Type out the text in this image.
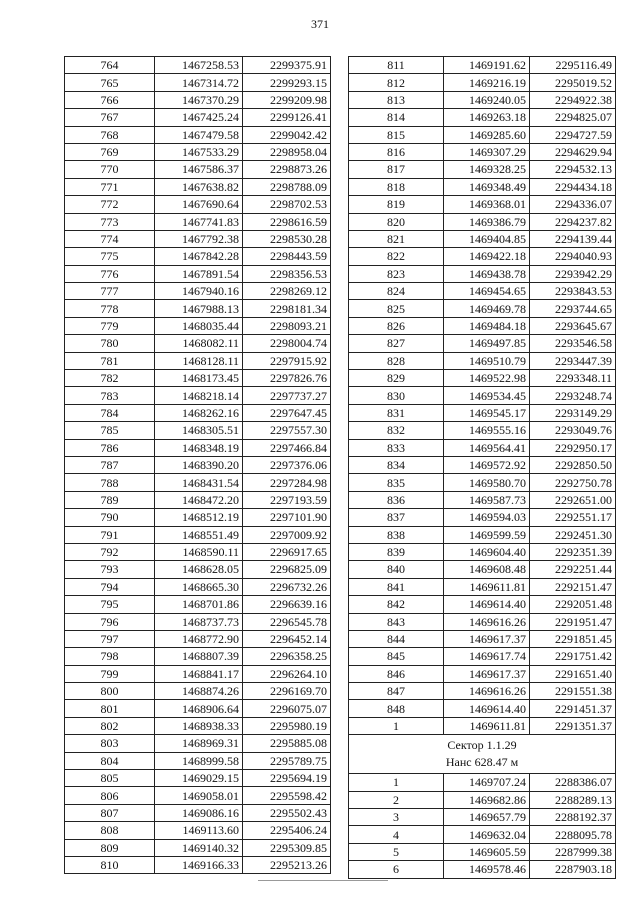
371
764	1467258.53	2299375.91
765	1467314.72	2299293.15
766	1467370.29	2299209.98
767	1467425.24	2299126.41
768	1467479.58	2299042.42
769	1467533.29	2298958.04
770	1467586.37	2298873.26
771	1467638.82	2298788.09
772	1467690.64	2298702.53
773	1467741.83	2298616.59
774	1467792.38	2298530.28
775	1467842.28	2298443.59
776	1467891.54	2298356.53
777	1467940.16	2298269.12
778	1467988.13	2298181.34
779	1468035.44	2298093.21
780	1468082.11	2298004.74
781	1468128.11	2297915.92
782	1468173.45	2297826.76
783	1468218.14	2297737.27
784	1468262.16	2297647.45
785	1468305.51	2297557.30
786	1468348.19	2297466.84
787	1468390.20	2297376.06
788	1468431.54	2297284.98
789	1468472.20	2297193.59
790	1468512.19	2297101.90
791	1468551.49	2297009.92
792	1468590.11	2296917.65
793	1468628.05	2296825.09
794	1468665.30	2296732.26
795	1468701.86	2296639.16
796	1468737.73	2296545.78
797	1468772.90	2296452.14
798	1468807.39	2296358.25
799	1468841.17	2296264.10
800	1468874.26	2296169.70
801	1468906.64	2296075.07
802	1468938.33	2295980.19
803	1468969.31	2295885.08
804	1468999.58	2295789.75
805	1469029.15	2295694.19
806	1469058.01	2295598.42
807	1469086.16	2295502.43
808	1469113.60	2295406.24
809	1469140.32	2295309.85
810	1469166.33	2295213.26
811	1469191.62	2295116.49
812	1469216.19	2295019.52
813	1469240.05	2294922.38
814	1469263.18	2294825.07
815	1469285.60	2294727.59
816	1469307.29	2294629.94
817	1469328.25	2294532.13
818	1469348.49	2294434.18
819	1469368.01	2294336.07
820	1469386.79	2294237.82
821	1469404.85	2294139.44
822	1469422.18	2294040.93
823	1469438.78	2293942.29
824	1469454.65	2293843.53
825	1469469.78	2293744.65
826	1469484.18	2293645.67
827	1469497.85	2293546.58
828	1469510.79	2293447.39
829	1469522.98	2293348.11
830	1469534.45	2293248.74
831	1469545.17	2293149.29
832	1469555.16	2293049.76
833	1469564.41	2292950.17
834	1469572.92	2292850.50
835	1469580.70	2292750.78
836	1469587.73	2292651.00
837	1469594.03	2292551.17
838	1469599.59	2292451.30
839	1469604.40	2292351.39
840	1469608.48	2292251.44
841	1469611.81	2292151.47
842	1469614.40	2292051.48
843	1469616.26	2291951.47
844	1469617.37	2291851.45
845	1469617.74	2291751.42
846	1469617.37	2291651.40
847	1469616.26	2291551.38
848	1469614.40	2291451.37
1	1469611.81	2291351.37

Сектор 1.1.29
Нанс 628.47 м		

1	1469707.24	2288386.07
2	1469682.86	2288289.13
3	1469657.79	2288192.37
4	1469632.04	2288095.78
5	1469605.59	2287999.38
6	1469578.46	2287903.18
